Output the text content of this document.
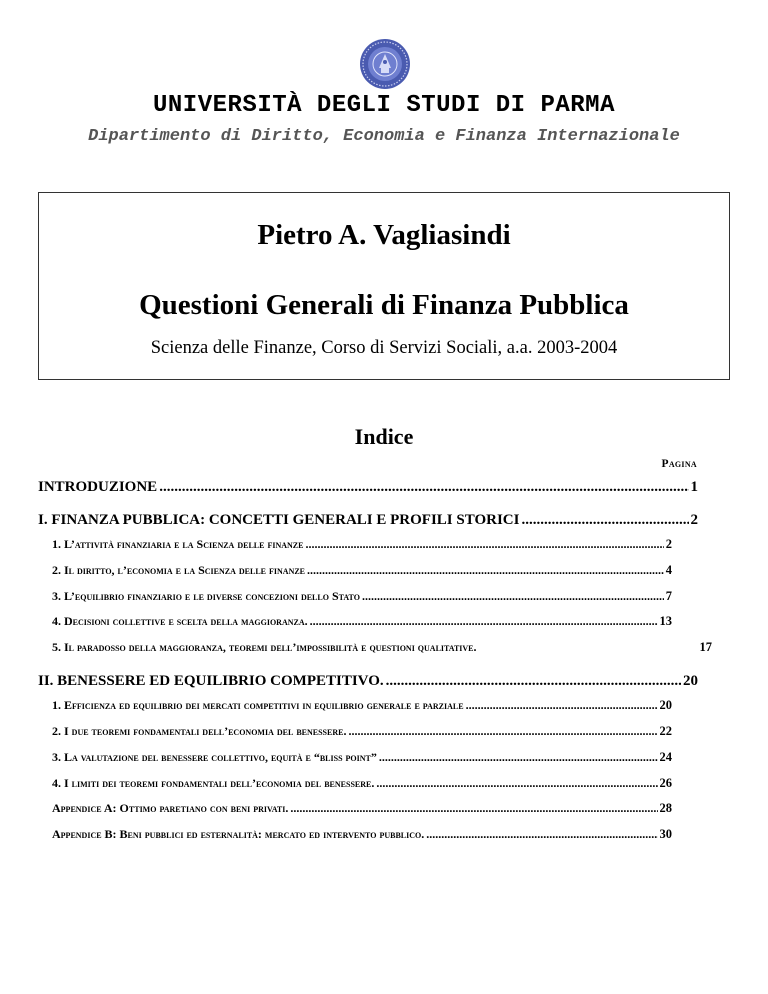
UNIVERSITÀ DEGLI STUDI DI PARMA
Dipartimento di Diritto, Economia e Finanza Internazionale
Pietro A. Vagliasindi
Questioni Generali di Finanza Pubblica
Scienza delle Finanze, Corso di Servizi Sociali, a.a. 2003-2004
Indice
Pagina
INTRODUZIONE .....	1
I. FINANZA PUBBLICA: CONCETTI GENERALI E PROFILI STORICI .....	2
1. L’attività finanziaria e la Scienza delle finanze .....	2
2. Il diritto, l’economia e la Scienza delle finanze .....	4
3. L’equilibrio finanziario e le diverse concezioni dello Stato .....	7
4. Decisioni collettive e scelta della maggioranza. .....	13
5. Il paradosso della maggioranza, teoremi dell’impossibilità e questioni qualitative.	17
II. BENESSERE ED EQUILIBRIO COMPETITIVO. .....	20
1. Efficienza ed equilibrio dei mercati competitivi in equilibrio generale e parziale .....	20
2. I due teoremi fondamentali dell’economia del benessere. .....	22
3. La valutazione del benessere collettivo, equità e “bliss point” .....	24
4. I limiti dei teoremi fondamentali dell’economia del benessere. .....	26
Appendice A: Ottimo paretiano con beni privati. .....	28
Appendice B: Beni pubblici ed esternalità: mercato ed intervento pubblico. .....	30
